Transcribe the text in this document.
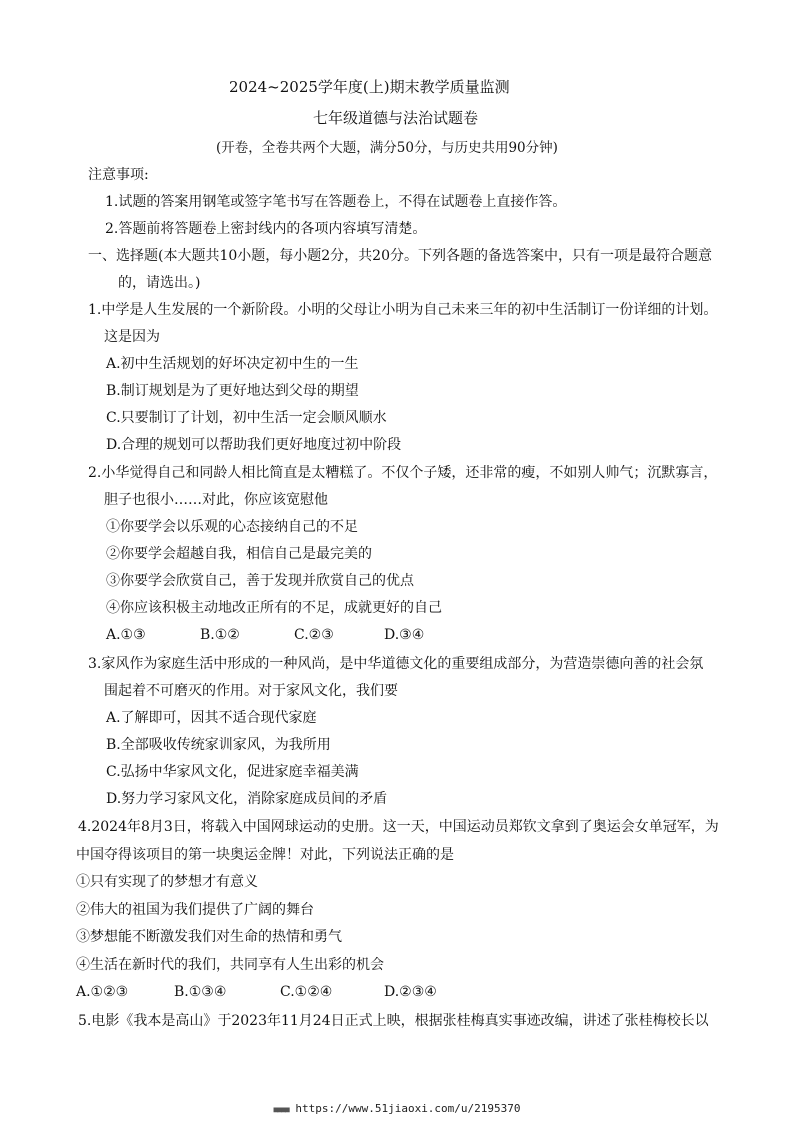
2024~2025学年度(上)期末教学质量监测
七年级道德与法治试题卷
(开卷，全卷共两个大题，满分50分，与历史共用90分钟)
注意事项:
1.试题的答案用钢笔或签字笔书写在答题卷上，不得在试题卷上直接作答。
2.答题前将答题卷上密封线内的各项内容填写清楚。
一、选择题(本大题共10小题，每小题2分，共20分。下列各题的备选答案中，只有一项是最符合题意
的，请选出。)
1.中学是人生发展的一个新阶段。小明的父母让小明为自己未来三年的初中生活制订一份详细的计划。
这是因为
A.初中生活规划的好坏决定初中生的一生
B.制订规划是为了更好地达到父母的期望
C.只要制订了计划，初中生活一定会顺风顺水
D.合理的规划可以帮助我们更好地度过初中阶段
2.小华觉得自己和同龄人相比简直是太糟糕了。不仅个子矮，还非常的瘦，不如别人帅气；沉默寡言，
胆子也很小……对此，你应该宽慰他
①你要学会以乐观的心态接纳自己的不足
②你要学会超越自我，相信自己是最完美的
③你要学会欣赏自己，善于发现并欣赏自己的优点
④你应该积极主动地改正所有的不足，成就更好的自己
A.①③	B.①②	C.②③	D.③④
3.家风作为家庭生活中形成的一种风尚，是中华道德文化的重要组成部分，为营造崇德向善的社会氛
围起着不可磨灭的作用。对于家风文化，我们要
A.了解即可，因其不适合现代家庭
B.全部吸收传统家训家风，为我所用
C.弘扬中华家风文化，促进家庭幸福美满
D.努力学习家风文化，消除家庭成员间的矛盾
4.2024年8月3日，将载入中国网球运动的史册。这一天，中国运动员郑钦文拿到了奥运会女单冠军，为
中国夺得该项目的第一块奥运金牌！对此，下列说法正确的是
①只有实现了的梦想才有意义
②伟大的祖国为我们提供了广阔的舞台
③梦想能不断激发我们对生命的热情和勇气
④生活在新时代的我们，共同享有人生出彩的机会
A.①②③	B.①③④	C.①②④	D.②③④
5.电影《我本是高山》于2023年11月24日正式上映，根据张桂梅真实事迹改编，讲述了张桂梅校长以
■■■■ https://www.51jiaoxi.com/u/2195370
